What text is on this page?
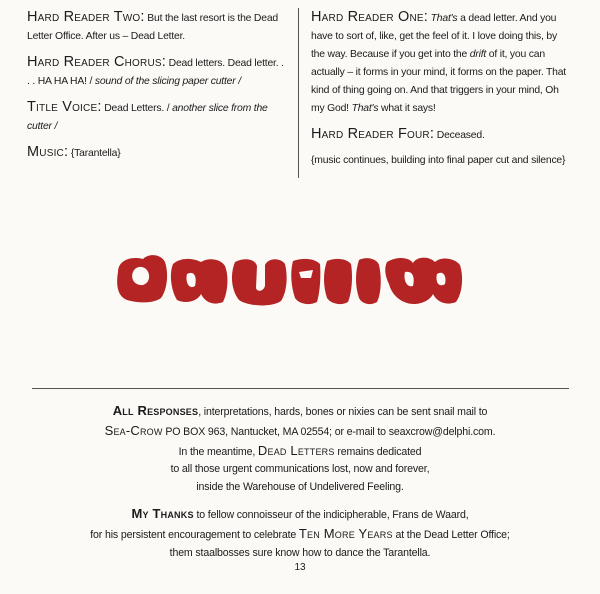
Hard Reader Two: But the last resort is the Dead Letter Office. After us – Dead Letter.

Hard Reader Chorus: Dead letters. Dead letter. . . . HA HA HA! / sound of the slicing paper cutter /

Title Voice: Dead Letters. / another slice from the cutter /

Music: {Tarantella}

Hard Reader One: That's a dead letter. And you have to sort of, like, get the feel of it. I love doing this, by the way. Because if you get into the drift of it, you can actually – it forms in your mind, it forms on the paper. That kind of thing going on. And that triggers in your mind, Oh my God! That's what it says!

Hard Reader Four: Deceased.

{music continues, building into final paper cut and silence}

All Responses, interpretations, hards, bones or nixies can be sent snail mail to

Sea-Crow PO BOX 963, Nantucket, MA 02554; or e-mail to seaxcrow@delphi.com.

In the meantime, Dead Letters remains dedicated

to all those urgent communications lost, now and forever,

inside the Warehouse of Undelivered Feeling.

My Thanks to fellow connoisseur of the indicipherable, Frans de Waard,

for his persistent encouragement to celebrate Ten More Years at the Dead Letter Office;

them staalbosses sure know how to dance the Tarantella.

13
